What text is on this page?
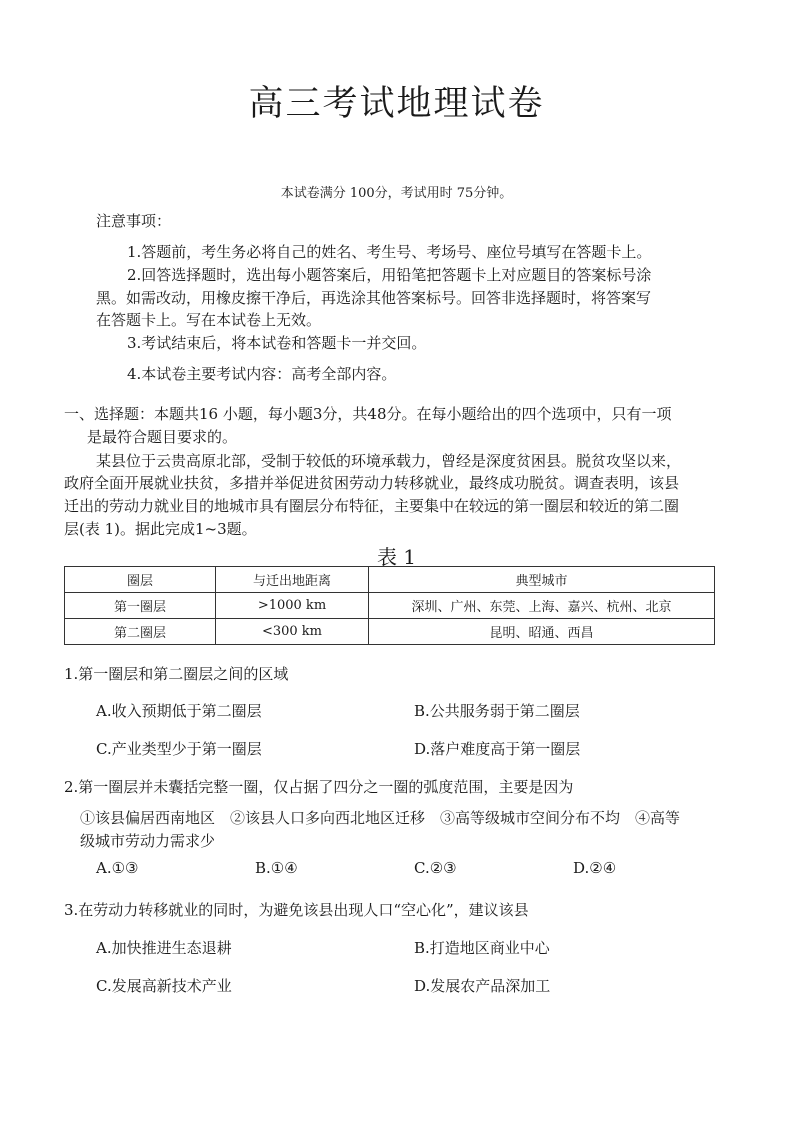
高三考试地理试卷
本试卷满分 100分，考试用时 75分钟。
注意事项：
1.答题前，考生务必将自己的姓名、考生号、考场号、座位号填写在答题卡上。
2.回答选择题时，选出每小题答案后，用铅笔把答题卡上对应题目的答案标号涂
黑。如需改动，用橡皮擦干净后，再选涂其他答案标号。回答非选择题时，将答案写
在答题卡上。写在本试卷上无效。
3.考试结束后，将本试卷和答题卡一并交回。
4.本试卷主要考试内容：高考全部内容。
一、选择题：本题共16 小题，每小题3分，共48分。在每小题给出的四个选项中，只有一项
是最符合题目要求的。
某县位于云贵高原北部，受制于较低的环境承载力，曾经是深度贫困县。脱贫攻坚以来，
政府全面开展就业扶贫，多措并举促进贫困劳动力转移就业，最终成功脱贫。调查表明，该县
迁出的劳动力就业目的地城市具有圈层分布特征，主要集中在较远的第一圈层和较近的第二圈
层(表 1)。据此完成1~3题。
表 1
圈层	与迁出地距离	典型城市
第一圈层	>1000 km	深圳、广州、东莞、上海、嘉兴、杭州、北京
第二圈层	<300 km	昆明、昭通、西昌
1.第一圈层和第二圈层之间的区域
A.收入预期低于第二圈层	B.公共服务弱于第二圈层
C.产业类型少于第一圈层	D.落户难度高于第一圈层
2.第一圈层并未囊括完整一圈，仅占据了四分之一圈的弧度范围，主要是因为
①该县偏居西南地区　②该县人口多向西北地区迁移　③高等级城市空间分布不均　④高等
级城市劳动力需求少
A.①③	B.①④	C.②③	D.②④
3.在劳动力转移就业的同时，为避免该县出现人口“空心化”，建议该县
A.加快推进生态退耕	B.打造地区商业中心
C.发展高新技术产业	D.发展农产品深加工
